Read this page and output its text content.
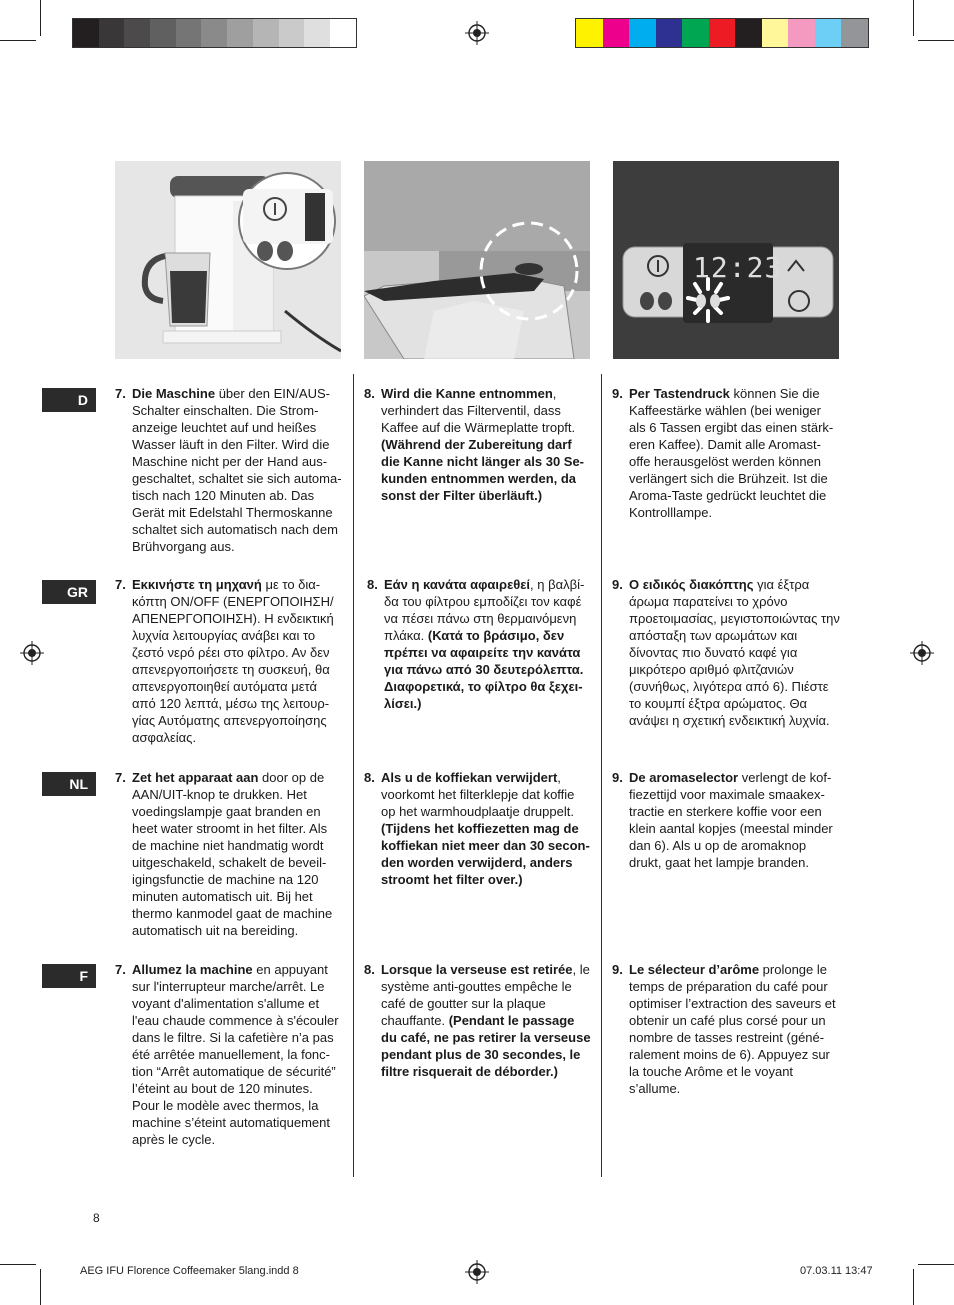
12:23
D
GR
NL
F
7. Die Maschine über den EIN/AUS-Schalter einschalten. Die Strom-anzeige leuchtet auf und heißes Wasser läuft in den Filter. Wird die Maschine nicht per der Hand aus-geschaltet, schaltet sie sich automa-tisch nach 120 Minuten ab. Das Gerät mit Edelstahl Thermoskanne schaltet sich automatisch nach dem Brühvorgang aus.
8. Wird die Kanne entnommen, verhindert das Filterventil, dass Kaffee auf die Wärmeplatte tropft. (Während der Zubereitung darf die Kanne nicht länger als 30 Se-kunden entnommen werden, da sonst der Filter überläuft.)
9. Per Tastendruck können Sie die Kaffeestärke wählen (bei weniger als 6 Tassen ergibt das einen stärk-eren Kaffee). Damit alle Aromast-offe herausgelöst werden können verlängert sich die Brühzeit. Ist die Aroma-Taste gedrückt leuchtet die Kontrolllampe.
7. Εκκινήστε τη μηχανή με το δια-κόπτη ON/OFF (ΕΝΕΡΓΟΠΟΙΗΣΗ/ ΑΠΕΝΕΡΓΟΠΟΙΗΣΗ). Η ενδεικτική λυχνία λειτουργίας ανάβει και το ζεστό νερό ρέει στο φίλτρο. Αν δεν απενεργοποιήσετε τη συσκευή, θα απενεργοποιηθεί αυτόματα μετά από 120 λεπτά, μέσω της λειτουρ-γίας Αυτόματης απενεργοποίησης ασφαλείας.
8. Εάν η κανάτα αφαιρεθεί, η βαλβί-δα του φίλτρου εμποδίζει τον καφέ να πέσει πάνω στη θερμαινόμενη πλάκα. (Κατά το βράσιμο, δεν πρέπει να αφαιρείτε την κανάτα για πάνω από 30 δευτερόλεπτα. Διαφορετικά, το φίλτρο θα ξεχει-λίσει.)
9. Ο ειδικός διακόπτης για έξτρα άρωμα παρατείνει το χρόνο προετοιμασίας, μεγιστοποιώντας την απόσταξη των αρωμάτων και δίνοντας πιο δυνατό καφέ για μικρότερο αριθμό φλιτζανιών (συνήθως, λιγότερα από 6). Πιέστε το κουμπί έξτρα αρώματος. Θα ανάψει η σχετική ενδεικτική λυχνία.
7. Zet het apparaat aan door op de AAN/UIT-knop te drukken. Het voedingslampje gaat branden en heet water stroomt in het filter. Als de machine niet handmatig wordt uitgeschakeld, schakelt de beveil-igingsfunctie de machine na 120 minuten automatisch uit. Bij het thermo kanmodel gaat de machine automatisch uit na bereiding.
8. Als u de koffiekan verwijdert, voorkomt het filterklepje dat koffie op het warmhoudplaatje druppelt. (Tijdens het koffiezetten mag de koffiekan niet meer dan 30 secon-den worden verwijderd, anders stroomt het filter over.)
9. De aromaselector verlengt de kof-fiezettijd voor maximale smaakex-tractie en sterkere koffie voor een klein aantal kopjes (meestal minder dan 6). Als u op de aromaknop drukt, gaat het lampje branden.
7. Allumez la machine en appuyant sur l'interrupteur marche/arrêt. Le voyant d'alimentation s'allume et l'eau chaude commence à s'écouler dans le filtre. Si la cafetière n’a pas été arrêtée manuellement, la fonc-tion “Arrêt automatique de sécurité” l’éteint au bout de 120 minutes. Pour le modèle avec thermos, la machine s’éteint automatiquement après le cycle.
8. Lorsque la verseuse est retirée, le système anti-gouttes empêche le café de goutter sur la plaque chauffante. (Pendant le passage du café, ne pas retirer la verseuse pendant plus de 30 secondes, le filtre risquerait de déborder.)
9. Le sélecteur d’arôme prolonge le temps de préparation du café pour optimiser l’extraction des saveurs et obtenir un café plus corsé pour un nombre de tasses restreint (géné-ralement moins de 6). Appuyez sur la touche Arôme et le voyant s’allume.
8
AEG IFU Florence Coffeemaker 5lang.indd 8	07.03.11 13:47
